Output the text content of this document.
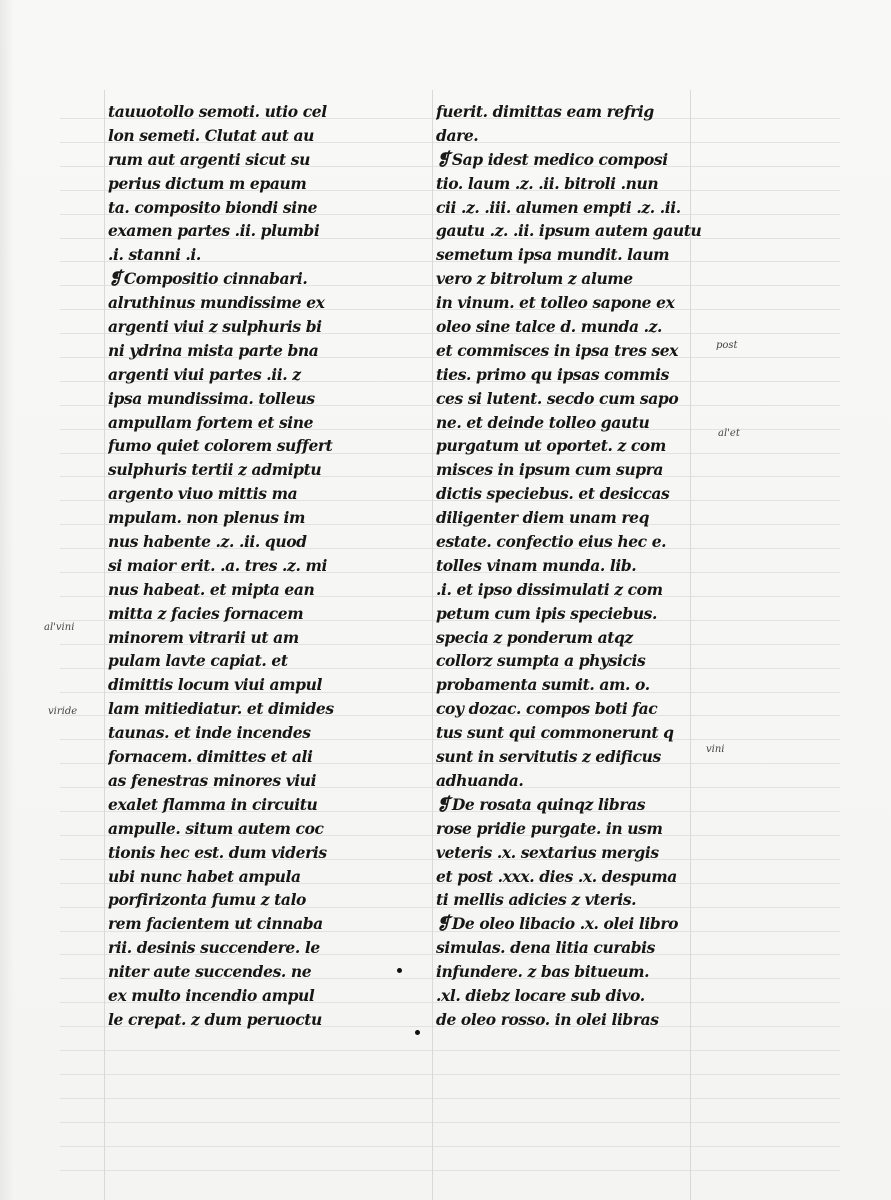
tauuotollo semoti. utio cel
lon semeti. Clutat aut au
rum aut argenti sicut su
perius dictum m epaum
ta. composito biondi sine
examen partes .ii. plumbi
.i. stanni .i.
❡ Compositio cinnabari.
alruthinus mundissime ex
argenti viui z sulphuris bi
ni ydrina mista parte bna
argenti viui partes .ii. z
ipsa mundissima. tolleus
ampullam fortem et sine
fumo quiet colorem suffert
sulphuris tertii z admiptu
argento viuo mittis ma
mpulam. non plenus im
nus habente .z. .ii. quod
si maior erit. .a. tres .z. mi
nus habeat. et mipta ean
mitta z facies fornacem
minorem vitrarii ut am
pulam lavte capiat. et
dimittis locum viui ampul
lam mitiediatur. et dimides
taunas. et inde incendes
fornacem. dimittes et ali
as fenestras minores viui
exalet flamma in circuitu
ampulle. situm autem coc
tionis hec est. dum videris
ubi nunc habet ampula
porfirizonta fumu z talo
rem facientem ut cinnaba
rii. desinis succendere. le
niter aute succendes. ne
ex multo incendio ampul
le crepat. z dum peruoctu
fuerit. dimittas eam refrig
dare.
❡ Sap idest medico composi
tio. laum .z. .ii. bitroli .nun
cii .z. .iii. alumen empti .z. .ii.
gautu .z. .ii. ipsum autem gautu
semetum ipsa mundit. laum
vero z bitrolum z alume
in vinum. et tolleo sapone ex
oleo sine talce d. munda .z.
et commisces in ipsa tres sex
ties. primo qu ipsas commis
ces si lutent. secdo cum sapo
ne. et deinde tolleo gautu
purgatum ut oportet. z com
misces in ipsum cum supra
dictis speciebus. et desiccas
diligenter diem unam req
estate. confectio eius hec e.
tolles vinam munda. lib.
.i. et ipso dissimulati z com
petum cum ipis speciebus.
specia z ponderum atqz
collorz sumpta a physicis
probamenta sumit. am. o.
coy dozac. compos boti fac
tus sunt qui commonerunt q
sunt in servitutis z edificus
adhuanda.
❡ De rosata quinqz libras
rose pridie purgate. in usm
veteris .x. sextarius mergis
et post .xxx. dies .x. despuma
ti mellis adicies z vteris.
❡ De oleo libacio .x. olei libro
simulas. dena litia curabis
infundere. z bas bitueum.
.xl. diebz locare sub divo.
de oleo rosso. in olei libras
al'vini
viride
post
al'et
vini
